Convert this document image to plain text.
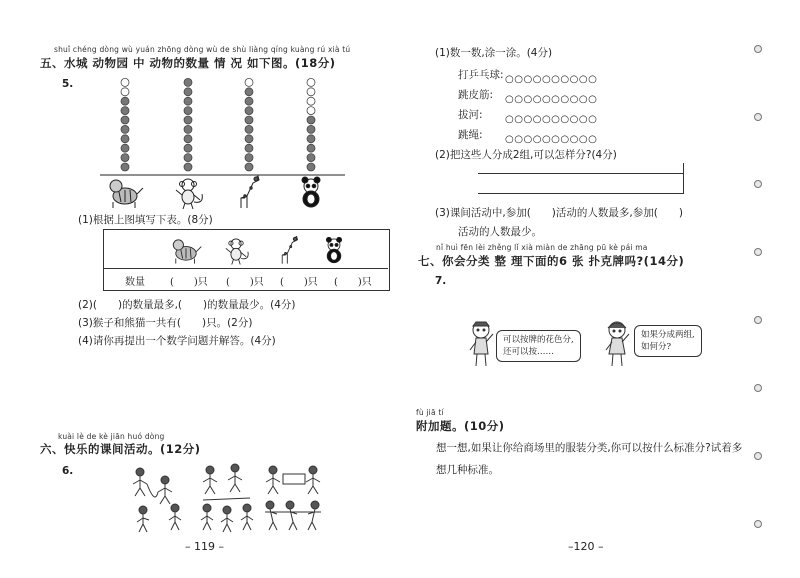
shuǐ chéng dòng wù yuán zhōng dòng wù de shù liàng qíng kuàng rú xià tú
五、水城 动物园 中 动物的数量 情 况 如下图。(18分)
5.
(1)根据上图填写下表。(8分)
数量	(　　)只 (　　)只 (　　)只 (　　)只
(2)(　　)的数量最多,(　　)的数量最少。(4分)
(3)猴子和熊猫一共有(　　)只。(2分)
(4)请你再提出一个数学问题并解答。(4分)
kuài lè de kè jiān huó dòng
六、快乐的课间活动。(12分)
6.
– 119 –
(1)数一数,涂一涂。(4分)
打乒乓球: ○○○○○○○○○○
跳皮筋: ○○○○○○○○○○
拔河: ○○○○○○○○○○
跳绳: ○○○○○○○○○○
(2)把这些人分成2组,可以怎样分?(4分)
(3)课间活动中,参加(　　)活动的人数最多,参加(　　)
活动的人数最少。
nǐ huì fēn lèi zhěng lǐ xià miàn de zhāng pū kè pái ma
七、你会分类 整 理下面的6 张 扑克牌吗?(14分)
7.
可以按牌的花色分,
还可以按……
如果分成两组,
如何分?
fù jiā tí
附加题。(10分)
想一想,如果让你给商场里的服装分类,你可以按什么标准分?试着多
想几种标准。
–120 –
